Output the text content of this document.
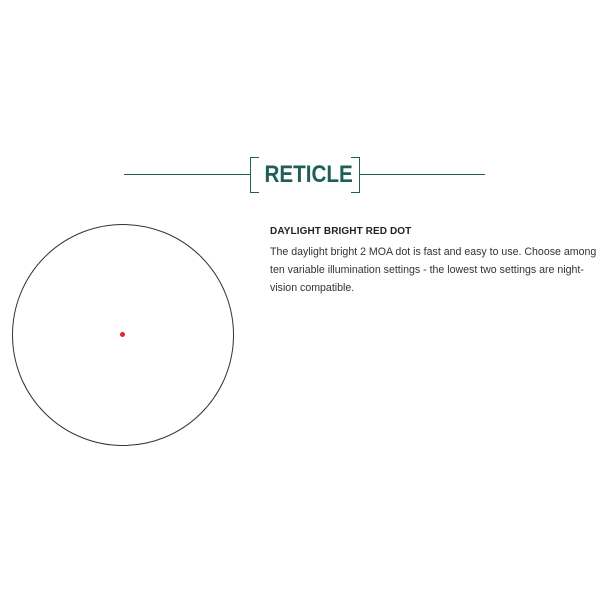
RETICLE
DAYLIGHT BRIGHT RED DOT
The daylight bright 2 MOA dot is fast and easy to use. Choose among ten variable illumination settings - the lowest two settings are night-vision compatible.
